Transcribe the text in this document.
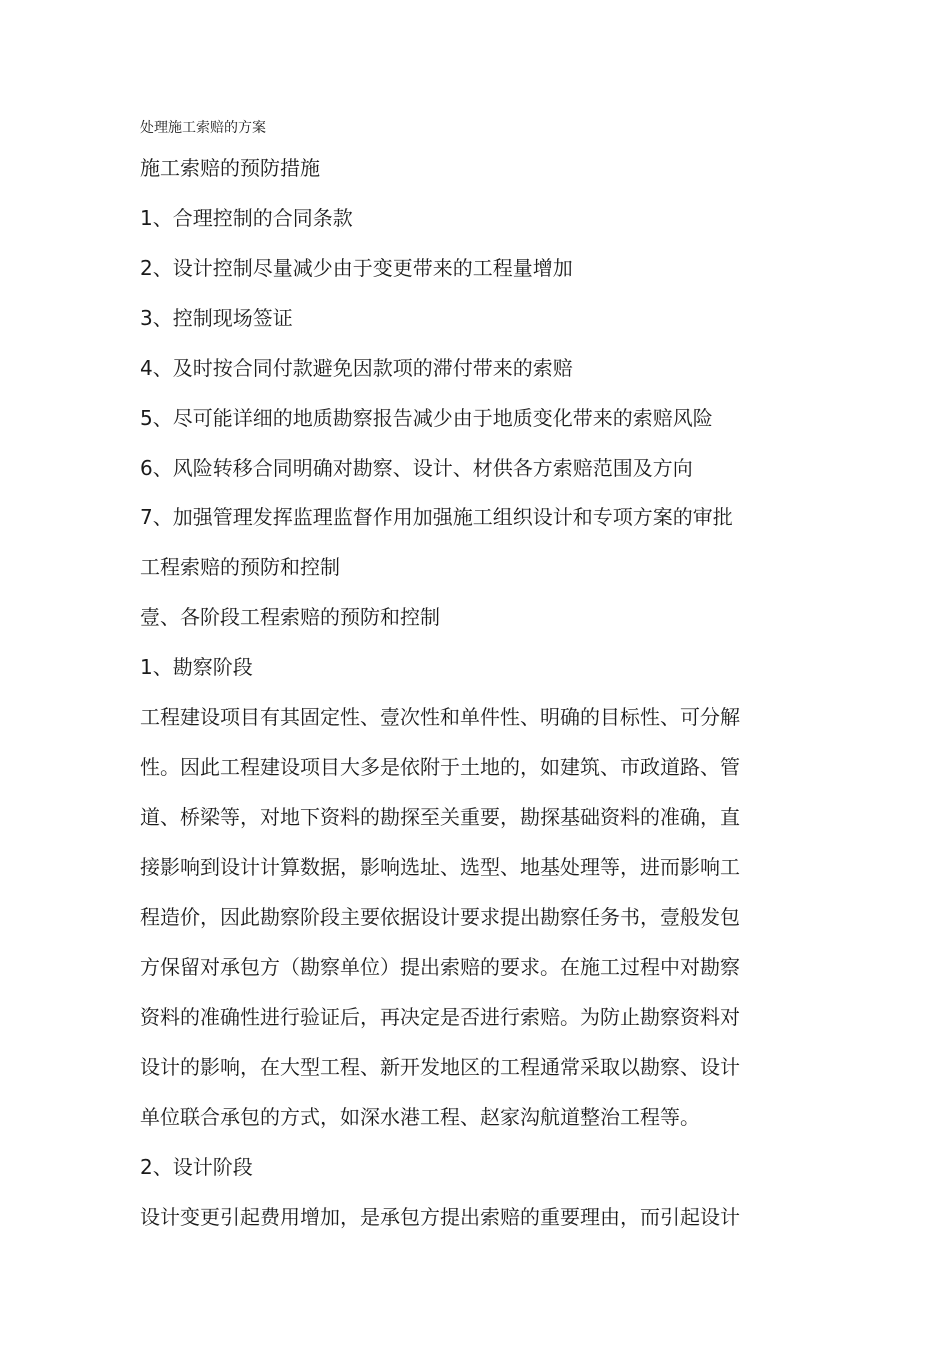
处理施工索赔的方案
施工索赔的预防措施
1、合理控制的合同条款
2、设计控制尽量减少由于变更带来的工程量增加
3、控制现场签证
4、及时按合同付款避免因款项的滞付带来的索赔
5、尽可能详细的地质勘察报告减少由于地质变化带来的索赔风险
6、风险转移合同明确对勘察、设计、材供各方索赔范围及方向
7、加强管理发挥监理监督作用加强施工组织设计和专项方案的审批
工程索赔的预防和控制
壹、各阶段工程索赔的预防和控制
1、勘察阶段
工程建设项目有其固定性、壹次性和单件性、明确的目标性、可分解
性。因此工程建设项目大多是依附于土地的，如建筑、市政道路、管
道、桥梁等，对地下资料的勘探至关重要，勘探基础资料的准确，直
接影响到设计计算数据，影响选址、选型、地基处理等，进而影响工
程造价，因此勘察阶段主要依据设计要求提出勘察任务书，壹般发包
方保留对承包方（勘察单位）提出索赔的要求。在施工过程中对勘察
资料的准确性进行验证后，再决定是否进行索赔。为防止勘察资料对
设计的影响，在大型工程、新开发地区的工程通常采取以勘察、设计
单位联合承包的方式，如深水港工程、赵家沟航道整治工程等。
2、设计阶段
设计变更引起费用增加，是承包方提出索赔的重要理由，而引起设计
